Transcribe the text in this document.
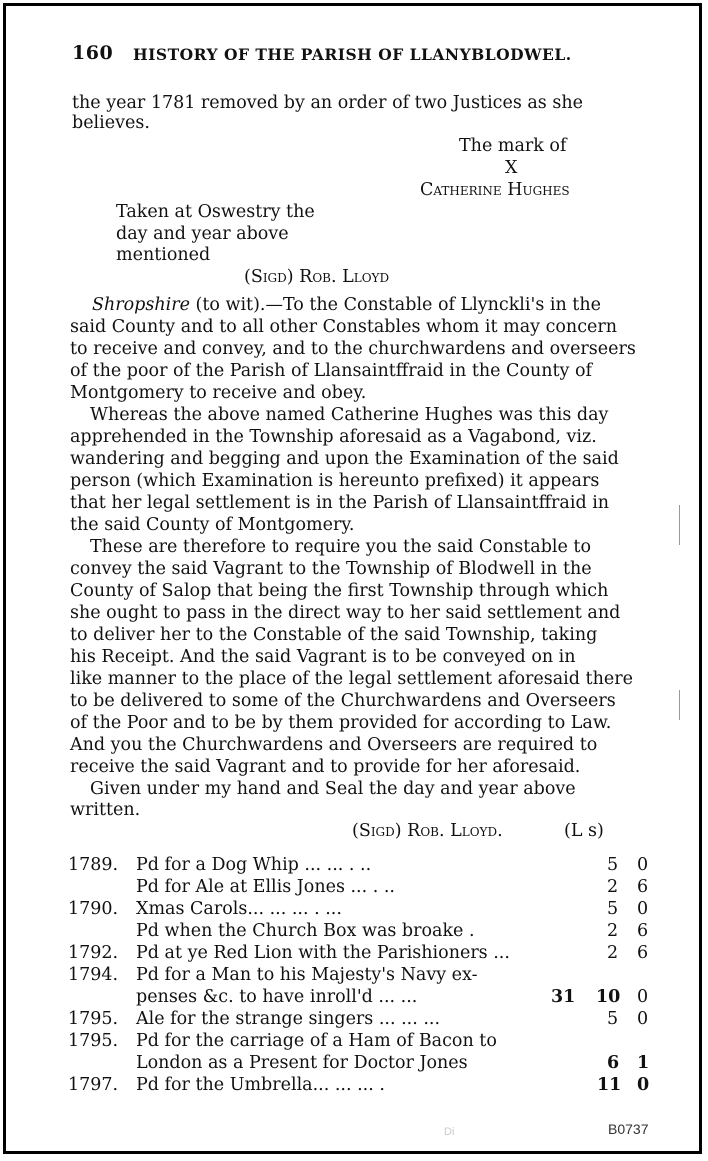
160 HISTORY OF THE PARISH OF LLANYBLODWEL.
the year 1781 removed by an order of two Justices as she
believes.
The mark of
X
Catherine Hughes
Taken at Oswestry the
day and year above
mentioned
(Sigd) Rob. Lloyd
Shropshire (to wit).—To the Constable of Llynckli's in the
said County and to all other Constables whom it may concern
to receive and convey, and to the churchwardens and overseers
of the poor of the Parish of Llansaintffraid in the County of
Montgomery to receive and obey.
Whereas the above named Catherine Hughes was this day
apprehended in the Township aforesaid as a Vagabond, viz.
wandering and begging and upon the Examination of the said
person (which Examination is hereunto prefixed) it appears
that her legal settlement is in the Parish of Llansaintffraid in
the said County of Montgomery.
These are therefore to require you the said Constable to
convey the said Vagrant to the Township of Blodwell in the
County of Salop that being the first Township through which
she ought to pass in the direct way to her said settlement and
to deliver her to the Constable of the said Township, taking
his Receipt. And the said Vagrant is to be conveyed on in
like manner to the place of the legal settlement aforesaid there
to be delivered to some of the Churchwardens and Overseers
of the Poor and to be by them provided for according to Law.
And you the Churchwardens and Overseers are required to
receive the said Vagrant and to provide for her aforesaid.
Given under my hand and Seal the day and year above
written.
(Sigd) Rob. Lloyd.	(L s)
1789. Pd for a Dog Whip ... ... . ..	5 0
Pd for Ale at Ellis Jones ... . ..	2 6
1790. Xmas Carols... ... ... . ...	5 0
Pd when the Church Box was broake .	2 6
1792. Pd at ye Red Lion with the Parishioners ...	2 6
1794. Pd for a Man to his Majesty's Navy ex-
penses &c. to have inroll'd ... ...	31 10 0
1795. Ale for the strange singers ... ... ...	5 0
1795. Pd for the carriage of a Ham of Bacon to
London as a Present for Doctor Jones	6 1
1797. Pd for the Umbrella... ... ... .	11 0
Di	B0737
